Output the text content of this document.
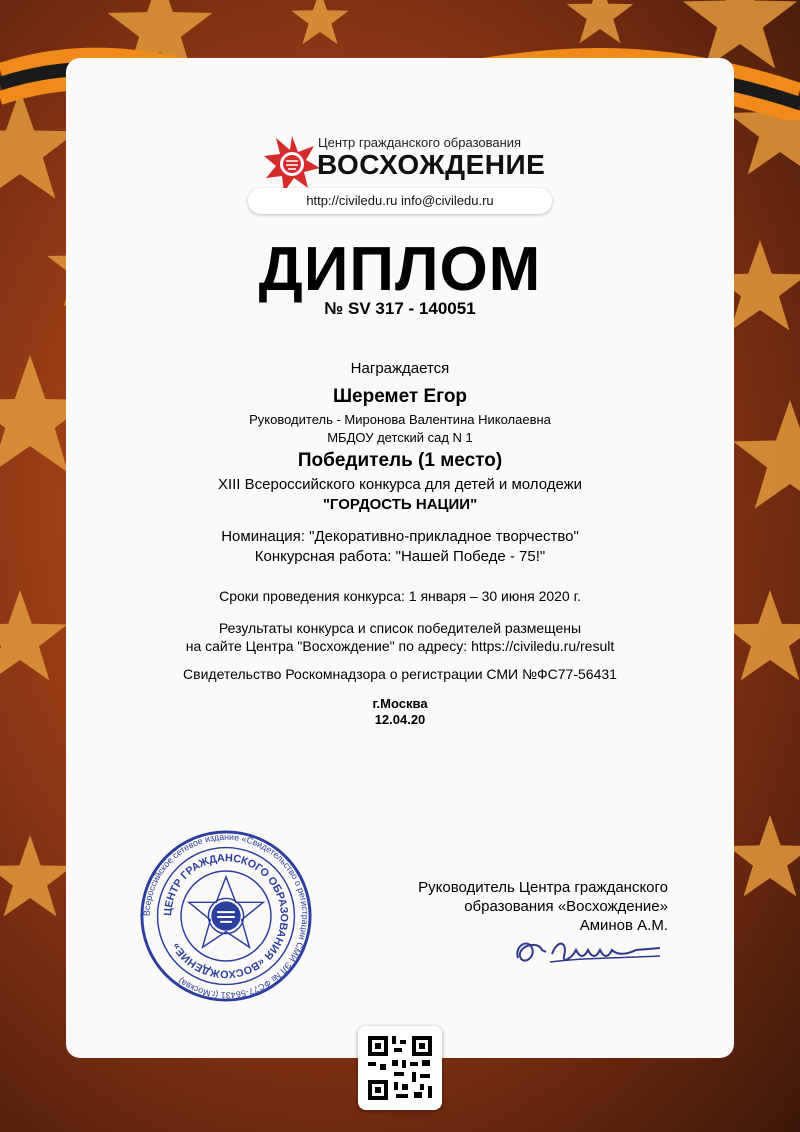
Центр гражданского образования
ВОСХОЖДЕНИЕ
http://civiledu.ru info@civiledu.ru
ДИПЛОМ
№ SV 317 - 140051
Награждается
Шеремет Егор
Руководитель - Миронова Валентина Николаевна
МБДОУ детский сад N 1
Победитель (1 место)
XIII Всероссийского конкурса для детей и молодежи
"ГОРДОСТЬ НАЦИИ"
Номинация: "Декоративно-прикладное творчество"
Конкурсная работа: "Нашей Победе - 75!"
Сроки проведения конкурса: 1 января – 30 июня 2020 г.
Результаты конкурса и список победителей размещены
на сайте Центра "Восхождение" по адресу: https://civiledu.ru/result
Свидетельство Роскомнадзора о регистрации СМИ №ФС77-56431
г.Москва
12.04.20
Всероссийское сетевое издание «Свидетельство о регистрации СМИ ЭЛ № ФС77-56431 (г.Москва)
ЦЕНТР ГРАЖДАНСКОГО ОБРАЗОВАНИЯ «ВОСХОЖДЕНИЕ»
Руководитель Центра гражданского
образования «Восхождение»
Аминов А.М.
